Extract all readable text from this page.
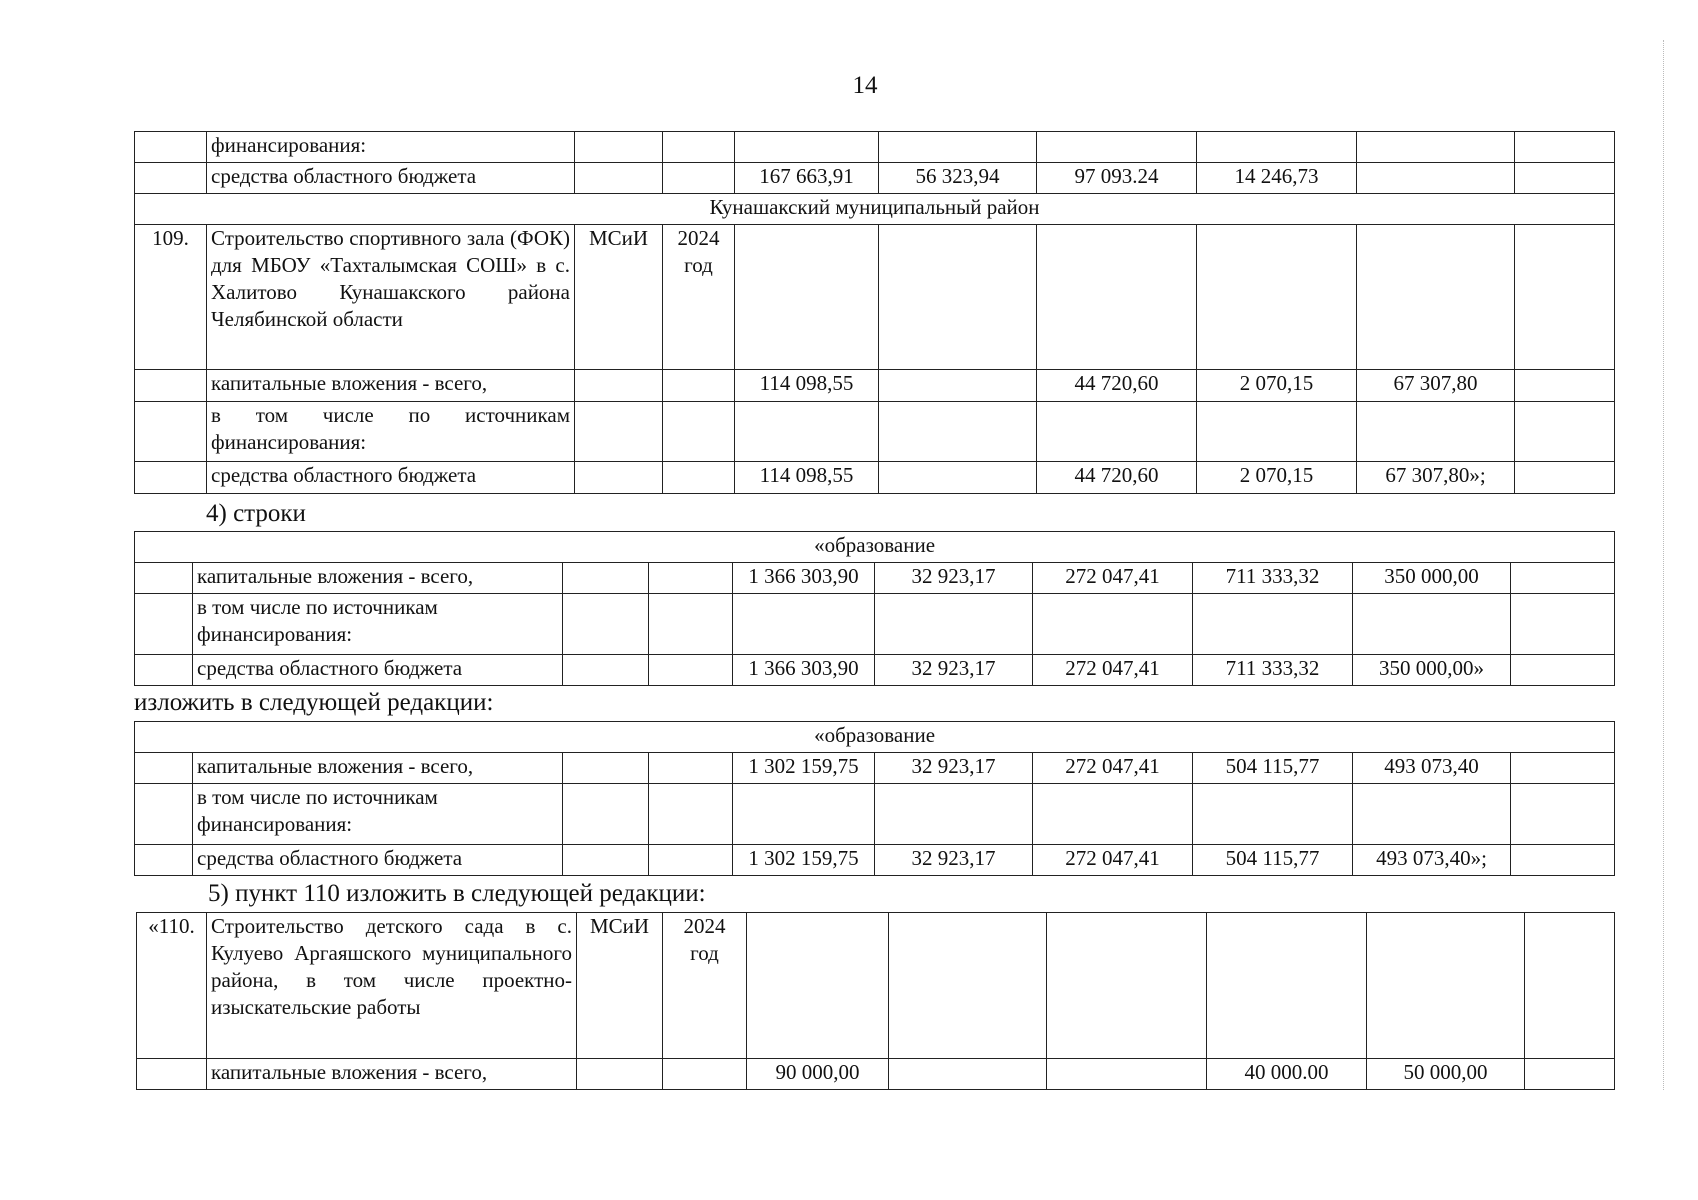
14
	финансирования:								
	средства областного бюджета			167 663,91	56 323,94	97 093.24	14 246,73		
Кунашакский муниципальный район									
109.	Строительство спортивного зала (ФОК) для МБОУ «Тахталымская СОШ» в с. Халитово Кунашакского района Челябинской области	МСиИ	2024 год						
	капитальные вложения - всего,			114 098,55		44 720,60	2 070,15	67 307,80	
	в том числе по источникам финансирования:								
	средства областного бюджета			114 098,55		44 720,60	2 070,15	67 307,80»;	
4) строки
«образование									
	капитальные вложения - всего,			1 366 303,90	32 923,17	272 047,41	711 333,32	350 000,00	
	в том числе по источникам финансирования:								
	средства областного бюджета			1 366 303,90	32 923,17	272 047,41	711 333,32	350 000,00»	
изложить в следующей редакции:
«образование									
	капитальные вложения - всего,			1 302 159,75	32 923,17	272 047,41	504 115,77	493 073,40	
	в том числе по источникам финансирования:								
	средства областного бюджета			1 302 159,75	32 923,17	272 047,41	504 115,77	493 073,40»;	
5) пункт 110 изложить в следующей редакции:
«110.	Строительство детского сада в с. Кулуево Аргаяшского муниципального района, в том числе проектно-изыскательские работы	МСиИ	2024 год						
	капитальные вложения - всего,			90 000,00			40 000.00	50 000,00	
